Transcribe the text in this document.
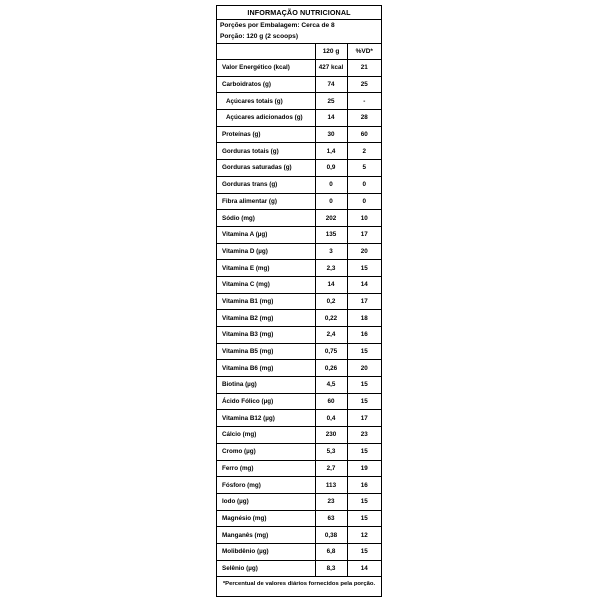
INFORMAÇÃO NUTRICIONAL
Porções por Embalagem: Cerca de 8
Porção: 120 g (2 scoops)
	120 g	%VD*
Valor Energético (kcal)	427 kcal	21
Carboidratos (g)	74	25
Açúcares totais (g)	25	-
Açúcares adicionados (g)	14	28
Proteínas (g)	30	60
Gorduras totais (g)	1,4	2
Gorduras saturadas (g)	0,9	5
Gorduras trans (g)	0	0
Fibra alimentar (g)	0	0
Sódio (mg)	202	10
Vitamina A (µg)	135	17
Vitamina D (µg)	3	20
Vitamina E (mg)	2,3	15
Vitamina C (mg)	14	14
Vitamina B1 (mg)	0,2	17
Vitamina B2 (mg)	0,22	18
Vitamina B3 (mg)	2,4	16
Vitamina B5 (mg)	0,75	15
Vitamina B6 (mg)	0,26	20
Biotina (µg)	4,5	15
Ácido Fólico (µg)	60	15
Vitamina B12 (µg)	0,4	17
Cálcio (mg)	230	23
Cromo (µg)	5,3	15
Ferro (mg)	2,7	19
Fósforo (mg)	113	16
Iodo (µg)	23	15
Magnésio (mg)	63	15
Manganês (mg)	0,38	12
Molibdênio (µg)	6,8	15
Selênio (µg)	8,3	14
*Percentual de valores diários fornecidos pela porção.
